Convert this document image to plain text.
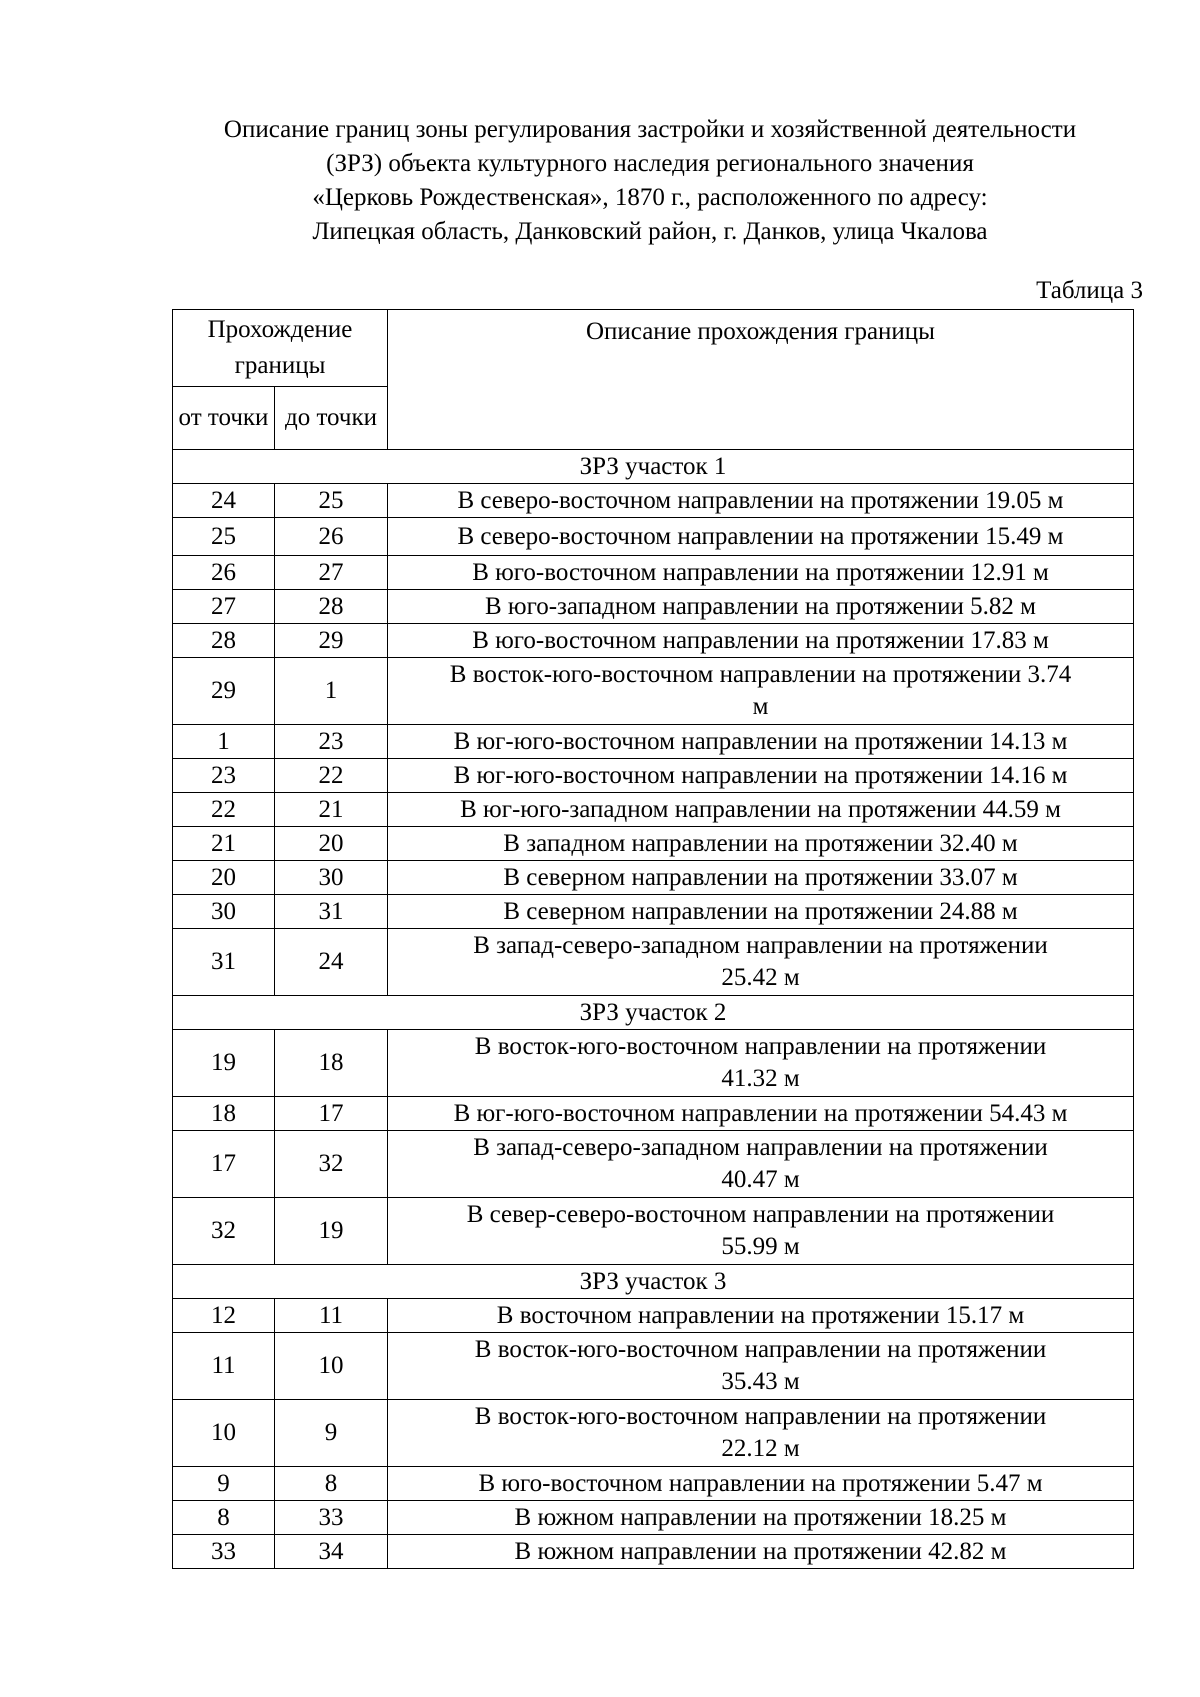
Описание границ зоны регулирования застройки и хозяйственной деятельности
(ЗРЗ) объекта культурного наследия регионального значения
«Церковь Рождественская», 1870 г., расположенного по адресу:
Липецкая область, Данковский район, г. Данков, улица Чкалова
Таблица 3
Прохождение границы		Описание прохождения границы
от точки	до точки	
ЗРЗ участок 1		
24	25	В северо-восточном направлении на протяжении 19.05 м

25	26	В северо-восточном направлении на протяжении 15.49 м

26	27	В юго-восточном направлении на протяжении 12.91 м

27	28	В юго-западном направлении на протяжении 5.82 м

28	29	В юго-восточном направлении на протяжении 17.83 м

29	1	В восток-юго-восточном направлении на протяжении 3.74
м

1	23	В юг-юго-восточном направлении на протяжении 14.13 м

23	22	В юг-юго-восточном направлении на протяжении 14.16 м

22	21	В юг-юго-западном направлении на протяжении 44.59 м

21	20	В западном направлении на протяжении 32.40 м

20	30	В северном направлении на протяжении 33.07 м

30	31	В северном направлении на протяжении 24.88 м

31	24	В запад-северо-западном направлении на протяжении
25.42 м

ЗРЗ участок 2		
19	18	В восток-юго-восточном направлении на протяжении
41.32 м

18	17	В юг-юго-восточном направлении на протяжении 54.43 м

17	32	В запад-северо-западном направлении на протяжении
40.47 м

32	19	В север-северо-восточном направлении на протяжении
55.99 м

ЗРЗ участок 3		
12	11	В восточном направлении на протяжении 15.17 м

11	10	В восток-юго-восточном направлении на протяжении
35.43 м

10	9	В восток-юго-восточном направлении на протяжении
22.12 м

9	8	В юго-восточном направлении на протяжении 5.47 м

8	33	В южном направлении на протяжении 18.25 м

33	34	В южном направлении на протяжении 42.82 м
